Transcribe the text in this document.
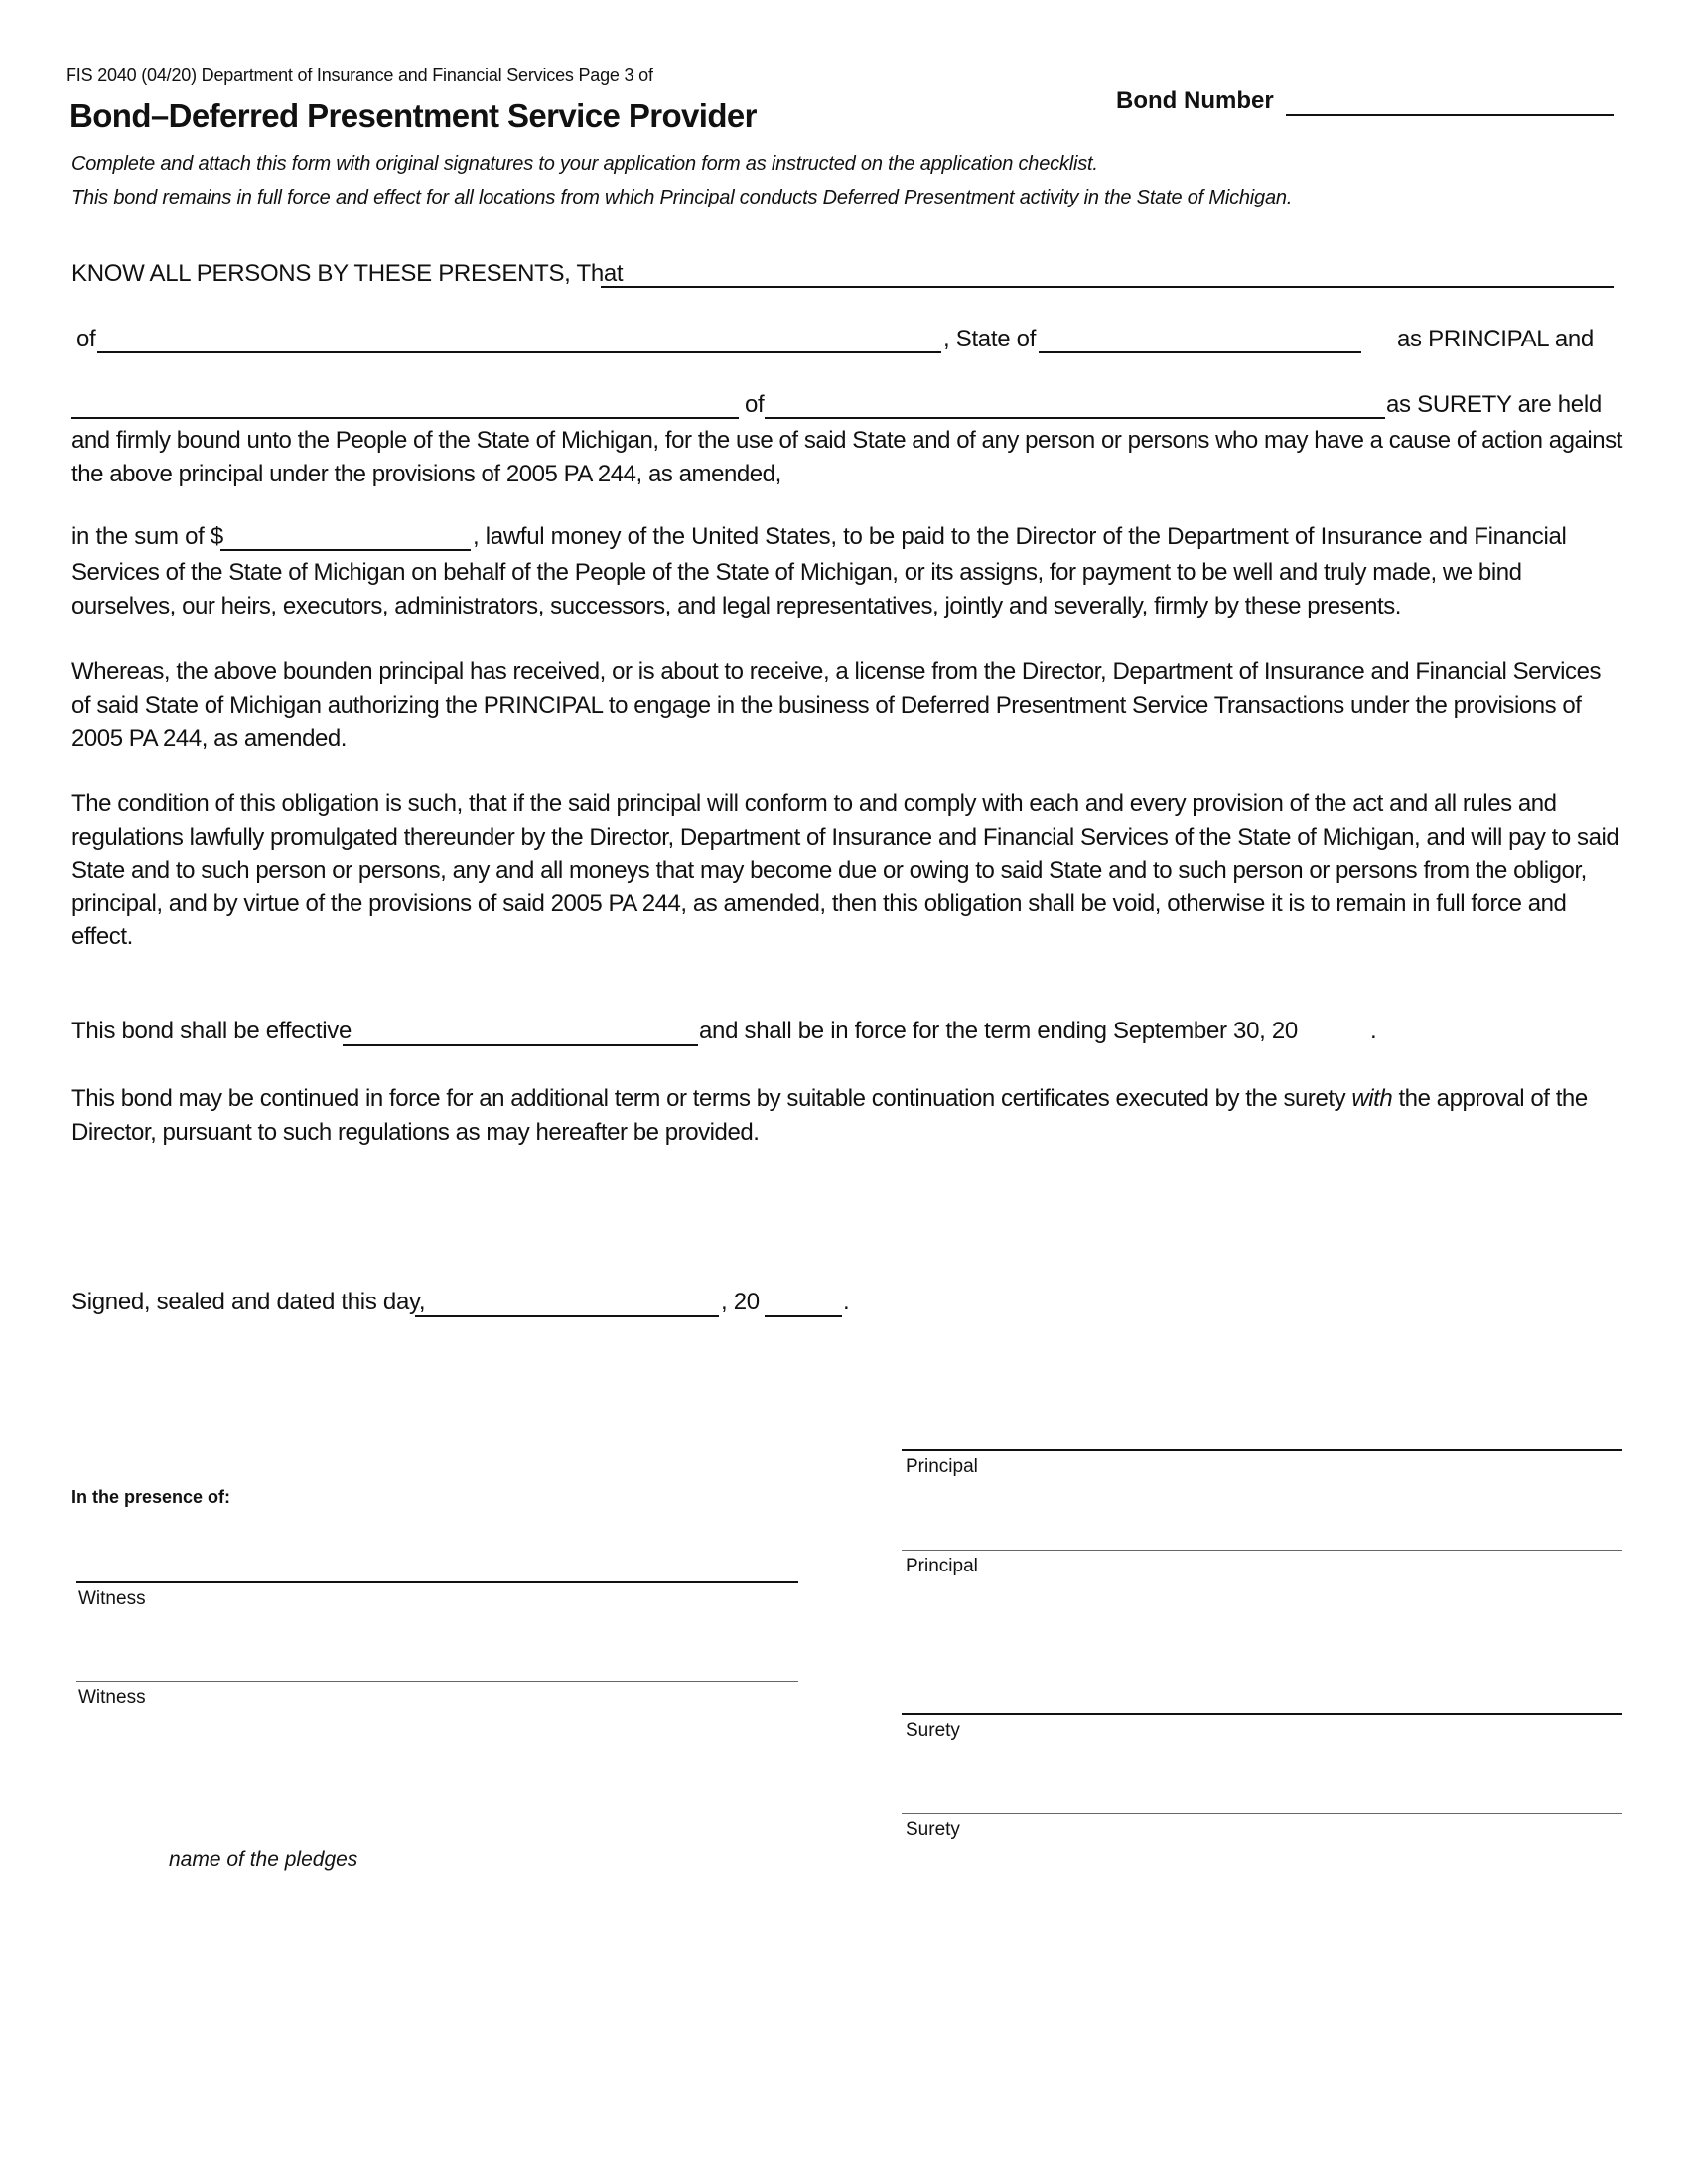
FIS 2040 (04/20) Department of Insurance and Financial Services Page 3 of
Bond–Deferred Presentment Service Provider	Bond Number
Complete and attach this form with original signatures to your application form as instructed on the application checklist.
This bond remains in full force and effect for all locations from which Principal conducts Deferred Presentment activity in the State of Michigan.
KNOW ALL PERSONS BY THESE PRESENTS, That
of	, State of	as PRINCIPAL and
of	as SURETY are held
and firmly bound unto the People of the State of Michigan, for the use of said State and of any person or persons who may have a cause of action against the above principal under the provisions of 2005 PA 244, as amended,
in the sum of $	, lawful money of the United States, to be paid to the Director of the Department of Insurance and Financial
Services of the State of Michigan on behalf of the People of the State of Michigan, or its assigns, for payment to be well and truly made, we bind ourselves, our heirs, executors, administrators, successors, and legal representatives, jointly and severally, firmly by these presents.
Whereas, the above bounden principal has received, or is about to receive, a license from the Director, Department of Insurance and Financial Services of said State of Michigan authorizing the PRINCIPAL to engage in the business of Deferred Presentment Service Transactions under the provisions of 2005 PA 244, as amended.
The condition of this obligation is such, that if the said principal will conform to and comply with each and every provision of the act and all rules and regulations lawfully promulgated thereunder by the Director, Department of Insurance and Financial Services of the State of Michigan, and will pay to said State and to such person or persons, any and all moneys that may become due or owing to said State and to such person or persons from the obligor, principal, and by virtue of the provisions of said 2005 PA 244, as amended, then this obligation shall be void, otherwise it is to remain in full force and effect.
This bond shall be effective	and shall be in force for the term ending September 30, 20	.
This bond may be continued in force for an additional term or terms by suitable continuation certificates executed by the surety with the approval of the Director, pursuant to such regulations as may hereafter be provided.
Signed, sealed and dated this day,	, 20	.
Principal
Principal
Surety
Surety
In the presence of:
Witness
Witness
name of the pledges
